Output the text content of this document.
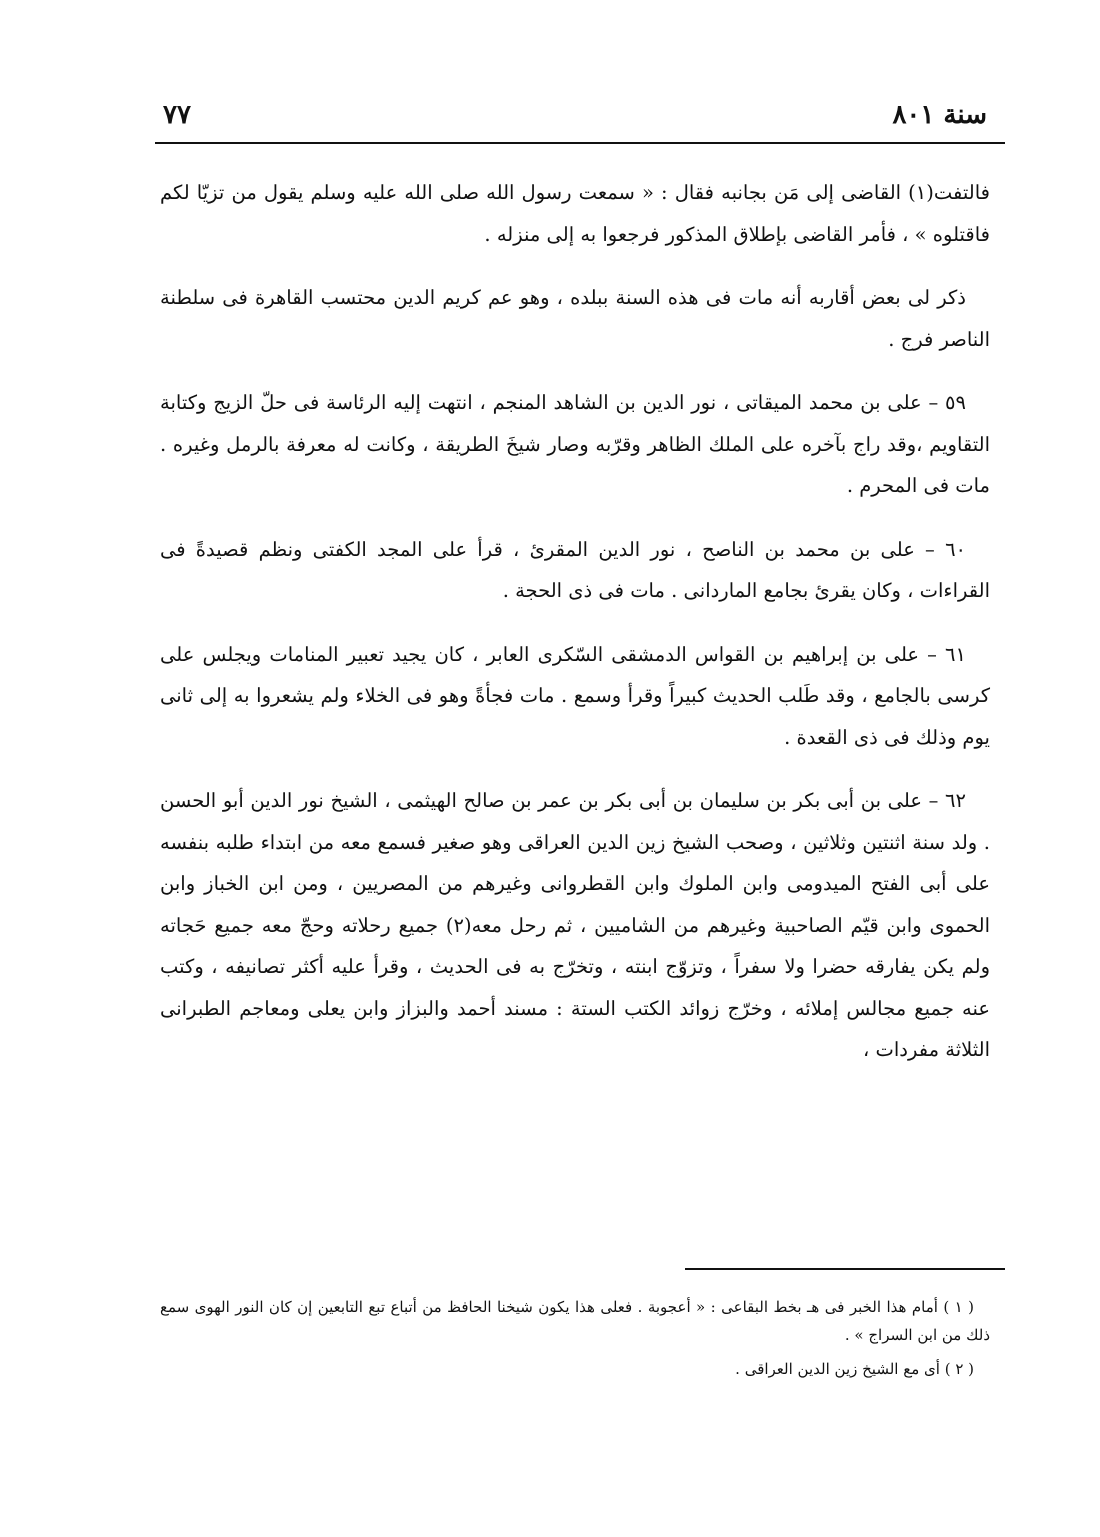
سنة ٨٠١
٧٧

فالتفت(١) القاضى إلى مَن بجانبه فقال : « سمعت رسول الله صلى الله عليه وسلم يقول من تزيّا لكم فاقتلوه » ، فأمر القاضى بإطلاق المذكور فرجعوا به إلى منزله .

ذكر لى بعض أقاربه أنه مات فى هذه السنة ببلده ، وهو عم كريم الدين محتسب القاهرة فى سلطنة الناصر فرج .

٥٩ – على بن محمد الميقاتى ، نور الدين بن الشاهد المنجم ، انتهت إليه الرئاسة فى حلّ الزيج وكتابة التقاويم ،وقد راج بآخره على الملك الظاهر وقرّبه وصار شيخَ الطريقة ، وكانت له معرفة بالرمل وغيره . مات فى المحرم .

٦٠ – على بن محمد بن الناصح ، نور الدين المقرئ ، قرأ على المجد الكفتى ونظم قصيدةً فى القراءات ، وكان يقرئ بجامع الماردانى . مات فى ذى الحجة .

٦١ – على بن إبراهيم بن القواس الدمشقى السّكرى العابر ، كان يجيد تعبير المنامات ويجلس على كرسى بالجامع ، وقد طَلب الحديث كبيراً وقرأ وسمع . مات فجأةً وهو فى الخلاء ولم يشعروا به إلى ثانى يوم وذلك فى ذى القعدة .

٦٢ – على بن أبى بكر بن سليمان بن أبى بكر بن عمر بن صالح الهيثمى ، الشيخ نور الدين أبو الحسن . ولد سنة اثنتين وثلاثين ، وصحب الشيخ زين الدين العراقى وهو صغير فسمع معه من ابتداء طلبه بنفسه على أبى الفتح الميدومى وابن الملوك وابن القطروانى وغيرهم من المصريين ، ومن ابن الخباز وابن الحموى وابن قيّم الصاحبية وغيرهم من الشاميين ، ثم رحل معه(٢) جميع رحلاته وحجّ معه جميع حَجاته ولم يكن يفارقه حضرا ولا سفراً ، وتزوّج ابنته ، وتخرّج به فى الحديث ، وقرأ عليه أكثر تصانيفه ، وكتب عنه جميع مجالس إملائه ، وخرّج زوائد الكتب الستة : مسند أحمد والبزاز وابن يعلى ومعاجم الطبرانى الثلاثة مفردات ،

( ١ ) أمام هذا الخبر فى هـ بخط البقاعى : « أعجوبة . فعلى هذا يكون شيخنا الحافظ من أتباع تبع التابعين إن كان النور الهوى سمع ذلك من ابن السراج » .

( ٢ ) أى مع الشيخ زين الدين العراقى .
